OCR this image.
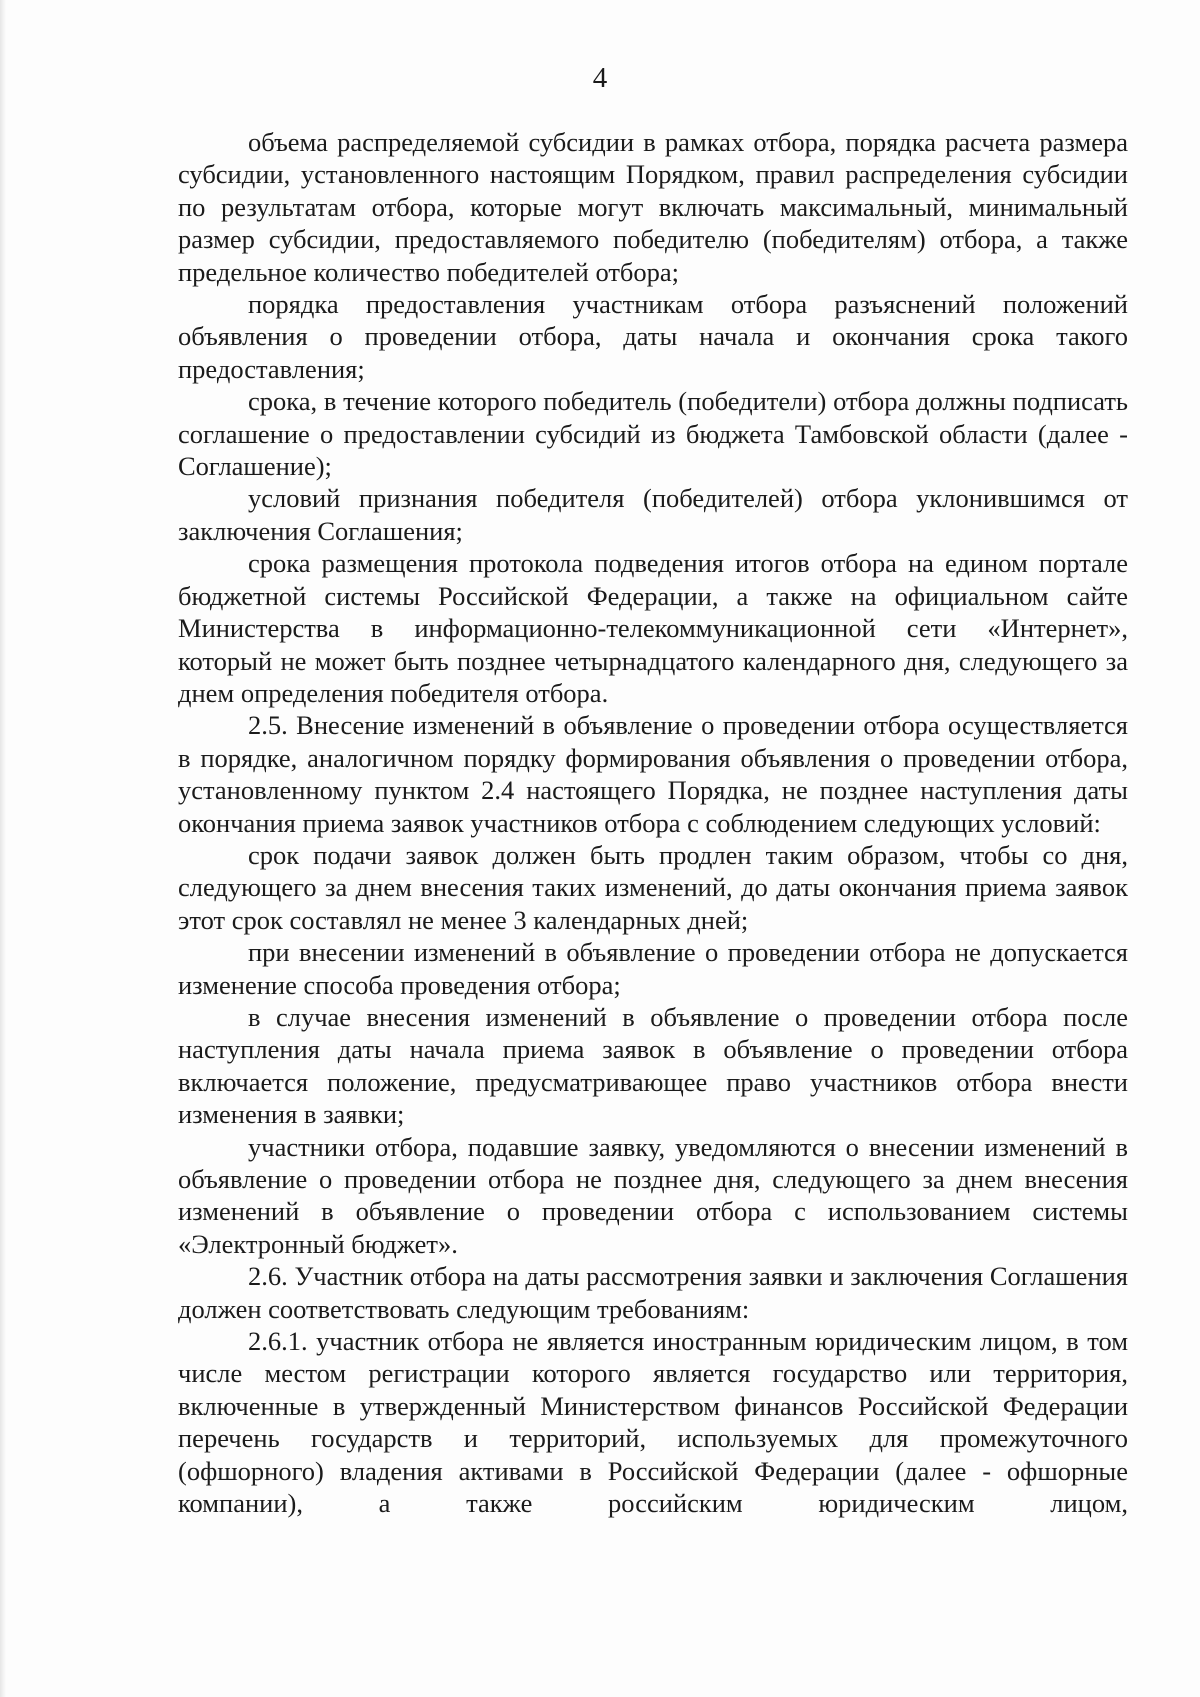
4

объема распределяемой субсидии в рамках отбора, порядка расчета размера субсидии, установленного настоящим Порядком, правил распределения субсидии по результатам отбора, которые могут включать максимальный, минимальный размер субсидии, предоставляемого победителю (победителям) отбора, а также предельное количество победителей отбора;

порядка предоставления участникам отбора разъяснений положений объявления о проведении отбора, даты начала и окончания срока такого предоставления;

срока, в течение которого победитель (победители) отбора должны подписать соглашение о предоставлении субсидий из бюджета Тамбовской области (далее - Соглашение);

условий признания победителя (победителей) отбора уклонившимся от заключения Соглашения;

срока размещения протокола подведения итогов отбора на едином портале бюджетной системы Российской Федерации, а также на официальном сайте Министерства в информационно-телекоммуникационной сети «Интернет», который не может быть позднее четырнадцатого календарного дня, следующего за днем определения победителя отбора.

2.5. Внесение изменений в объявление о проведении отбора осуществляется в порядке, аналогичном порядку формирования объявления о проведении отбора, установленному пунктом 2.4 настоящего Порядка, не позднее наступления даты окончания приема заявок участников отбора с соблюдением следующих условий:

срок подачи заявок должен быть продлен таким образом, чтобы со дня, следующего за днем внесения таких изменений, до даты окончания приема заявок этот срок составлял не менее 3 календарных дней;

при внесении изменений в объявление о проведении отбора не допускается изменение способа проведения отбора;

в случае внесения изменений в объявление о проведении отбора после наступления даты начала приема заявок в объявление о проведении отбора включается положение, предусматривающее право участников отбора внести изменения в заявки;

участники отбора, подавшие заявку, уведомляются о внесении изменений в объявление о проведении отбора не позднее дня, следующего за днем внесения изменений в объявление о проведении отбора с использованием системы «Электронный бюджет».

2.6. Участник отбора на даты рассмотрения заявки и заключения Соглашения должен соответствовать следующим требованиям:

2.6.1. участник отбора не является иностранным юридическим лицом, в том числе местом регистрации которого является государство или территория, включенные в утвержденный Министерством финансов Российской Федерации перечень государств и территорий, используемых для промежуточного (офшорного) владения активами в Российской Федерации (далее - офшорные компании), а также российским юридическим лицом,
